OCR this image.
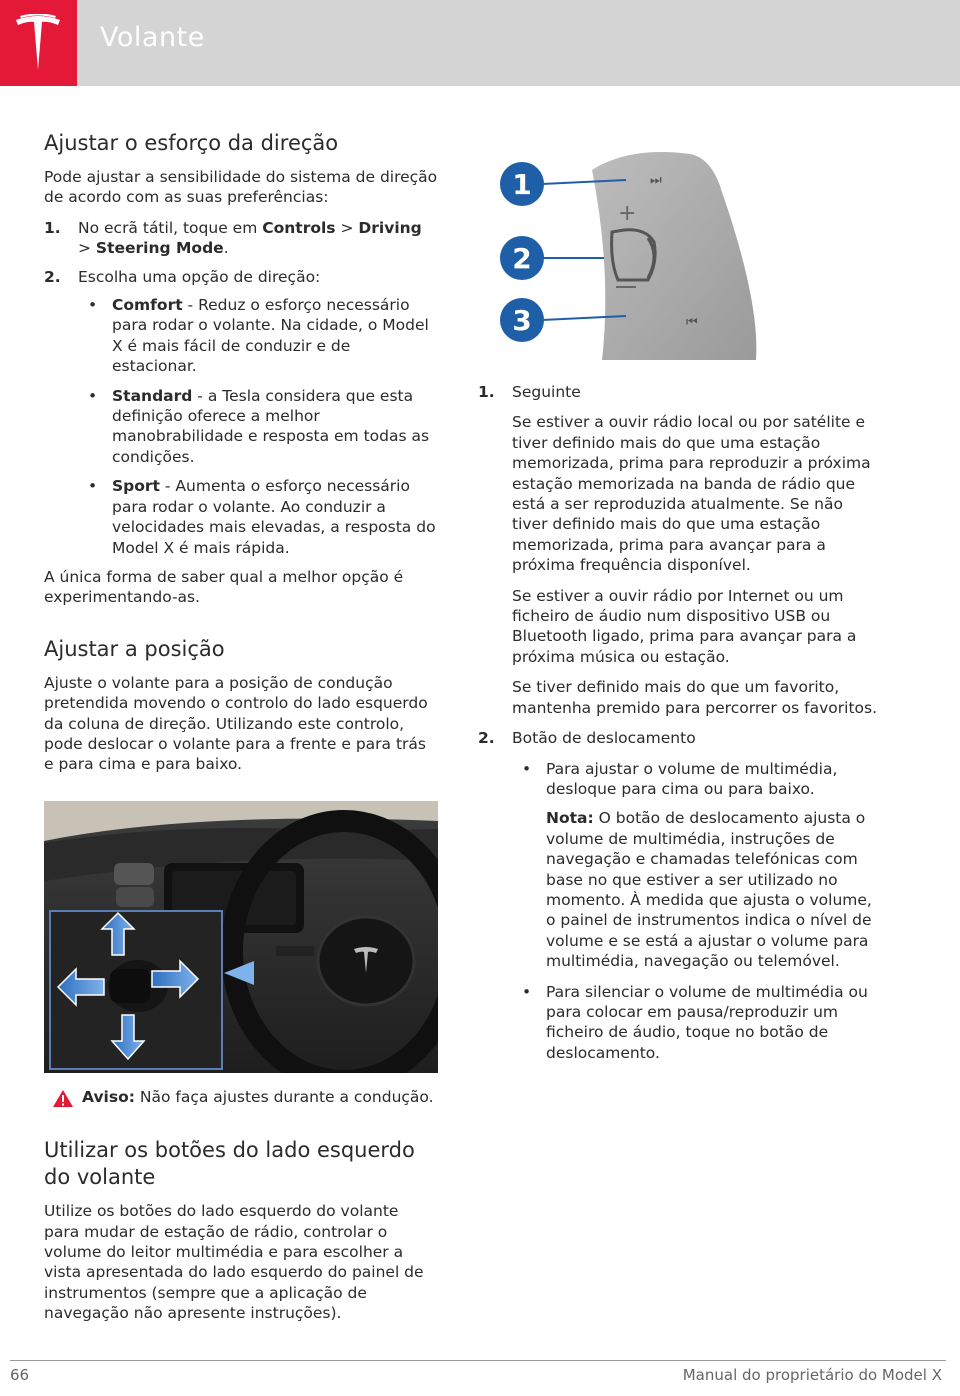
Volante
Ajustar o esforço da direção

Pode ajustar a sensibilidade do sistema de direção de acordo com as suas preferências:

1. No ecrã tátil, toque em Controls > Driving > Steering Mode.
2. Escolha uma opção de direção:
• Comfort - Reduz o esforço necessário para rodar o volante. Na cidade, o Model X é mais fácil de conduzir e de estacionar.
• Standard - a Tesla considera que esta definição oferece a melhor manobrabilidade e resposta em todas as condições.
• Sport - Aumenta o esforço necessário para rodar o volante. Ao conduzir a velocidades mais elevadas, a resposta do Model X é mais rápida.

A única forma de saber qual a melhor opção é experimentando-as.

Ajustar a posição

Ajuste o volante para a posição de condução pretendida movendo o controlo do lado esquerdo da coluna de direção. Utilizando este controlo, pode deslocar o volante para a frente e para trás e para cima e para baixo.

Aviso: Não faça ajustes durante a condução.
Utilizar os botões do lado esquerdo do volante

Utilize os botões do lado esquerdo do volante para mudar de estação de rádio, controlar o volume do leitor multimédia e para escolher a vista apresentada do lado esquerdo do painel de instrumentos (sempre que a aplicação de navegação não apresente instruções).

⏭
+
⏮
1
2
3
1. Seguinte
Se estiver a ouvir rádio local ou por satélite e tiver definido mais do que uma estação memorizada, prima para reproduzir a próxima estação memorizada na banda de rádio que está a ser reproduzida atualmente. Se não tiver definido mais do que uma estação memorizada, prima para avançar para a próxima frequência disponível.
Se estiver a ouvir rádio por Internet ou um ficheiro de áudio num dispositivo USB ou Bluetooth ligado, prima para avançar para a próxima música ou estação.
Se tiver definido mais do que um favorito, mantenha premido para percorrer os favoritos.
2. Botão de deslocamento
• Para ajustar o volume de multimédia, desloque para cima ou para baixo.
Nota: O botão de deslocamento ajusta o volume de multimédia, instruções de navegação e chamadas telefónicas com base no que estiver a ser utilizado no momento. À medida que ajusta o volume, o painel de instrumentos indica o nível de volume e se está a ajustar o volume para multimédia, navegação ou telemóvel.
• Para silenciar o volume de multimédia ou para colocar em pausa/reproduzir um ficheiro de áudio, toque no botão de deslocamento.
66	Manual do proprietário do Model X
